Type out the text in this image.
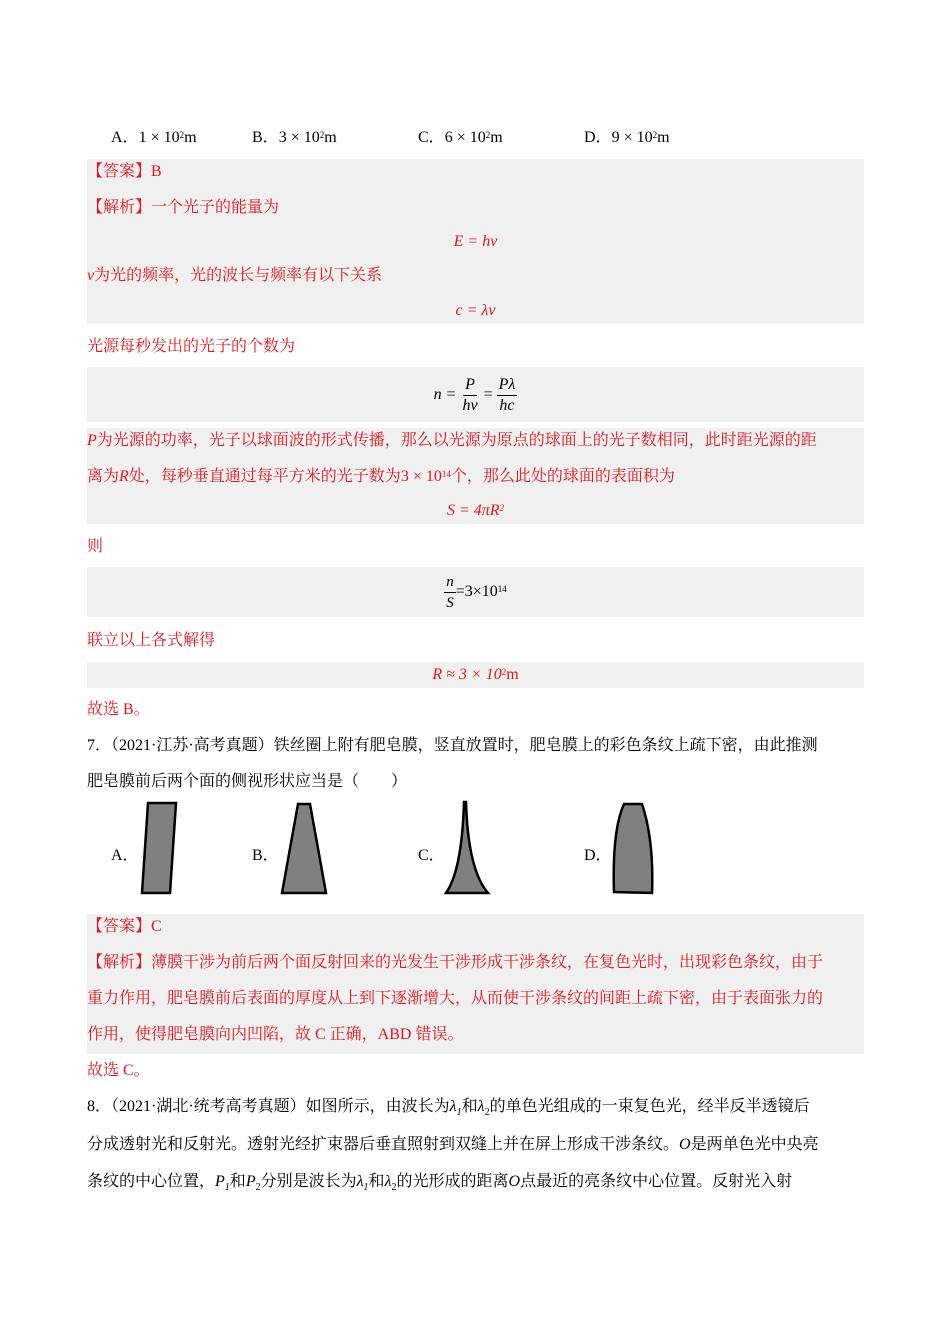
A．$1 \times 10^2m$	B．$3 \times 10^2m$	C．$6 \times 10^2m$	D．$9 \times 10^2m$
【答案】B
【解析】一个光子的能量为
E = hν
ν为光的频率，光的波长与频率有以下关系
c = λν
光源每秒发出的光子的个数为
$n = \frac{P}{h\nu} = \frac{P\lambda}{hc}$
P为光源的功率，光子以球面波的形式传播，那么以光源为原点的球面上的光子数相同，此时距光源的距
离为R处，每秒垂直通过每平方米的光子数为$3 \times 10^{14}$个，那么此处的球面的表面积为
$S = 4\pi R^2$
则
$\frac{n}{S} =3\times 10^{14}$
联立以上各式解得
$R \approx 3 \times 10^2m$
故选 B。
7．（2021·江苏·高考真题）铁丝圈上附有肥皂膜，竖直放置时，肥皂膜上的彩色条纹上疏下密，由此推测
肥皂膜前后两个面的侧视形状应当是（　　）
A．	B．	C．	D．
【答案】C
【解析】薄膜干涉为前后两个面反射回来的光发生干涉形成干涉条纹，在复色光时，出现彩色条纹，由于
重力作用，肥皂膜前后表面的厚度从上到下逐渐增大，从而使干涉条纹的间距上疏下密，由于表面张力的
作用，使得肥皂膜向内凹陷，故 C 正确，ABD 错误。
故选 C。
8．（2021·湖北·统考高考真题）如图所示，由波长为$\lambda_1$和$\lambda_2$的单色光组成的一束复色光，经半反半透镜后
分成透射光和反射光。透射光经扩束器后垂直照射到双缝上并在屏上形成干涉条纹。O是两单色光中央亮
条纹的中心位置，$P_1$和$P_2$分别是波长为$\lambda_1$和$\lambda_2$的光形成的距离O点最近的亮条纹中心位置。反射光入射
